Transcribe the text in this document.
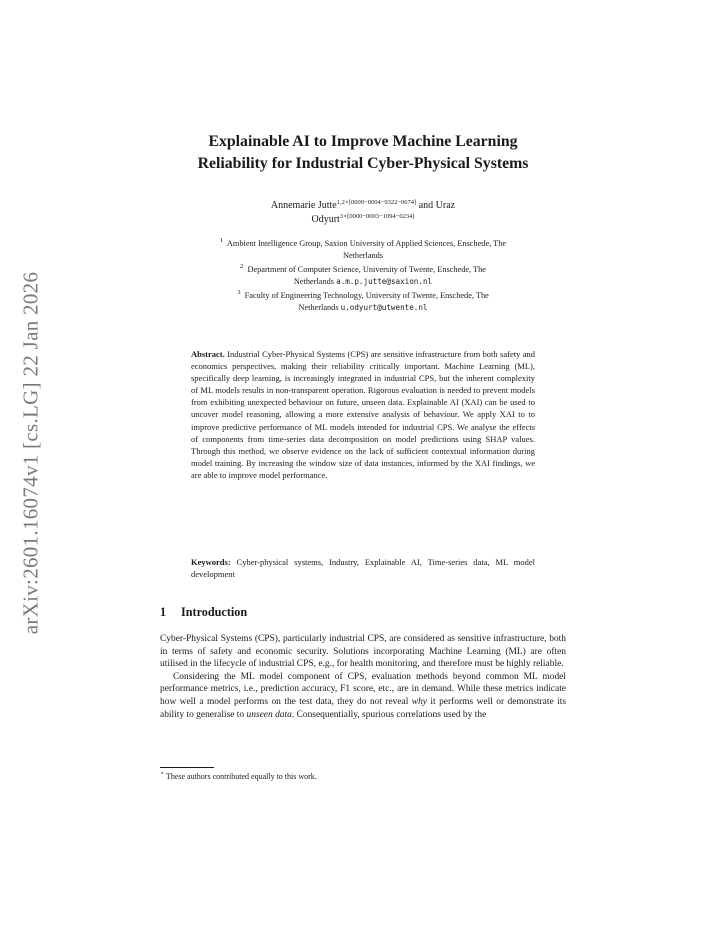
arXiv:2601.16074v1 [cs.LG] 22 Jan 2026
Explainable AI to Improve Machine Learning
Reliability for Industrial Cyber-Physical Systems
Annemarie Jutte$^{1,2⋆[0009-0004-9322-0674]}$ and Uraz
Odyurt$^{3⋆[0000-0003-1094-0234]}$
$^1$ Ambient Intelligence Group, Saxion University of Applied Sciences, Enschede, The
Netherlands
$^2$ Department of Computer Science, University of Twente, Enschede, The
Netherlands a.m.p.jutte@saxion.nl
$^3$ Faculty of Engineering Technology, University of Twente, Enschede, The
Netherlands u.odyurt@utwente.nl
Abstract. Industrial Cyber-Physical Systems (CPS) are sensitive infrastructure from both safety and economics perspectives, making their reliability critically important. Machine Learning (ML), specifically deep learning, is increasingly integrated in industrial CPS, but the inherent complexity of ML models results in non-transparent operation. Rigorous evaluation is needed to prevent models from exhibiting unexpected behaviour on future, unseen data. Explainable AI (XAI) can be used to uncover model reasoning, allowing a more extensive analysis of behaviour. We apply XAI to to improve predictive performance of ML models intended for industrial CPS. We analyse the effects of components from time-series data decomposition on model predictions using SHAP values. Through this method, we observe evidence on the lack of sufficient contextual information during model training. By increasing the window size of data instances, informed by the XAI findings, we are able to improve model performance.
Keywords: Cyber-physical systems, Industry, Explainable AI, Time-series data, ML model development
1 Introduction

Cyber-Physical Systems (CPS), particularly industrial CPS, are considered as sensitive infrastructure, both in terms of safety and economic security. Solutions incorporating Machine Learning (ML) are often utilised in the lifecycle of industrial CPS, e.g., for health monitoring, and therefore must be highly reliable.

Considering the ML model component of CPS, evaluation methods beyond common ML model performance metrics, i.e., prediction accuracy, F1 score, etc., are in demand. While these metrics indicate how well a model performs on the test data, they do not reveal why it performs well or demonstrate its ability to generalise to unseen data. Consequentially, spurious correlations used by the

⋆ These authors contributed equally to this work.
